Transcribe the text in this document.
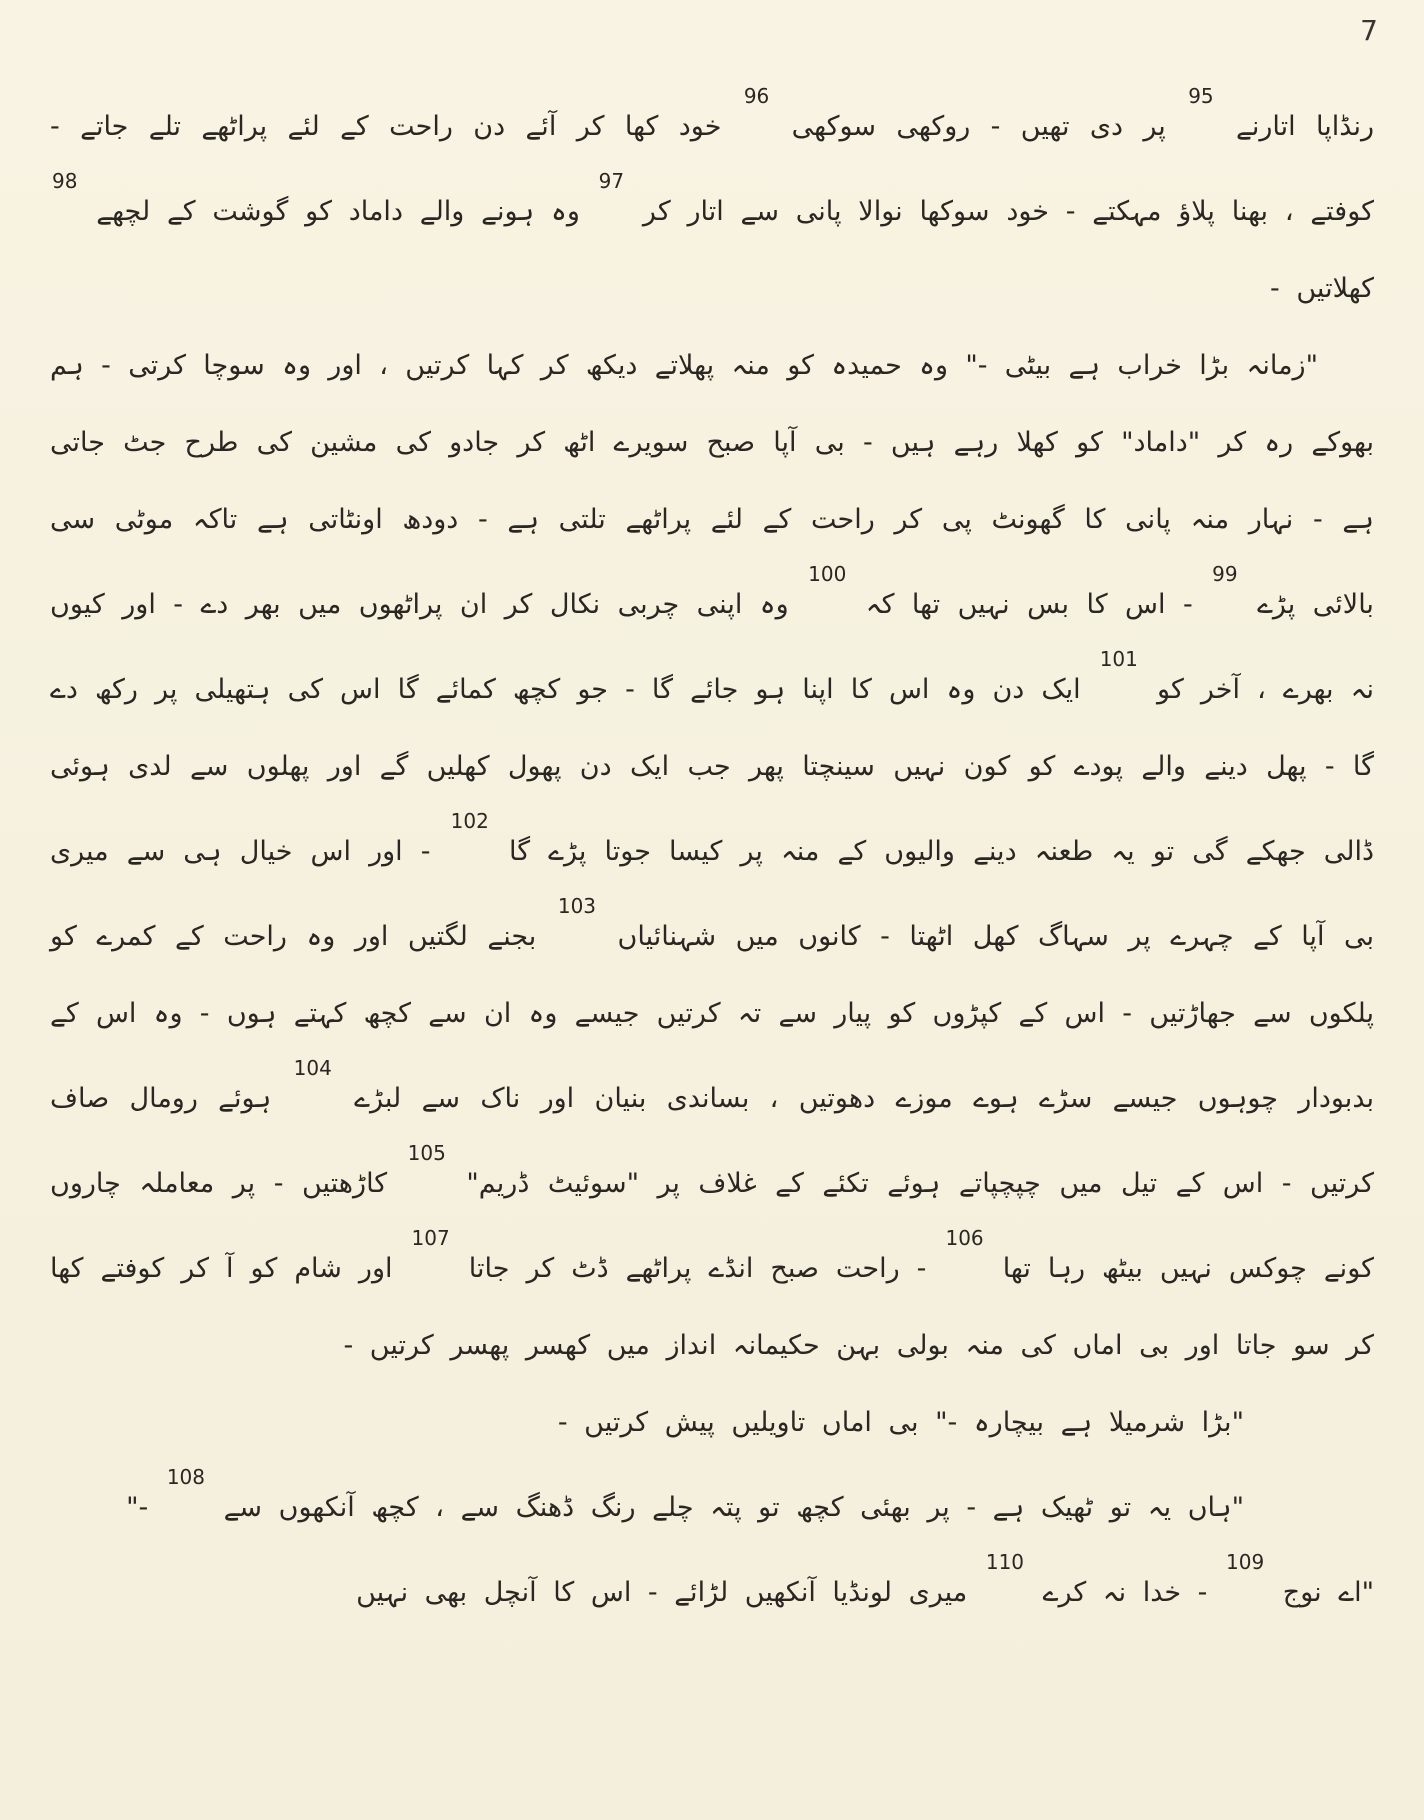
7

رنڈاپا اتارنے $^{95}$ پر دی تھیں - روکھی سوکھی $^{96}$ خود کھا کر آئے دن راحت کے لئے پراٹھے تلے جاتے - کوفتے ، بھنا پلاؤ مہکتے - خود سوکھا نوالا پانی سے اتار کر $^{97}$ وہ ہونے والے داماد کو گوشت کے لچھے $^{98}$ کھلاتیں -

"زمانہ بڑا خراب ہے بیٹی -" وہ حمیدہ کو منہ پھلاتے دیکھ کر کہا کرتیں ، اور وہ سوچا کرتی - ہم بھوکے رہ کر "داماد" کو کھلا رہے ہیں - بی آپا صبح سویرے اٹھ کر جادو کی مشین کی طرح جٹ جاتی ہے - نہار منہ پانی کا گھونٹ پی کر راحت کے لئے پراٹھے تلتی ہے - دودھ اونٹاتی ہے تاکہ موٹی سی بالائی پڑے $^{99}$ - اس کا بس نہیں تھا کہ $^{100}$ وہ اپنی چربی نکال کر ان پراٹھوں میں بھر دے - اور کیوں نہ بھرے ، آخر کو $^{101}$ ایک دن وہ اس کا اپنا ہو جائے گا - جو کچھ کمائے گا اس کی ہتھیلی پر رکھ دے گا - پھل دینے والے پودے کو کون نہیں سینچتا پھر جب ایک دن پھول کھلیں گے اور پھلوں سے لدی ہوئی ڈالی جھکے گی تو یہ طعنہ دینے والیوں کے منہ پر کیسا جوتا پڑے گا $^{102}$ - اور اس خیال ہی سے میری بی آپا کے چہرے پر سہاگ کھل اٹھتا - کانوں میں شہنائیاں $^{103}$ بجنے لگتیں اور وہ راحت کے کمرے کو پلکوں سے جھاڑتیں - اس کے کپڑوں کو پیار سے تہ کرتیں جیسے وہ ان سے کچھ کہتے ہوں - وہ اس کے بدبودار چوہوں جیسے سڑے ہوے موزے دھوتیں ، بساندی بنیان اور ناک سے لبڑے $^{104}$ ہوئے رومال صاف کرتیں - اس کے تیل میں چپچپاتے ہوئے تکئے کے غلاف پر "سوئیٹ ڈریم" $^{105}$ کاڑھتیں - پر معاملہ چاروں کونے چوکس نہیں بیٹھ رہا تھا $^{106}$ - راحت صبح انڈے پراٹھے ڈٹ کر جاتا $^{107}$ اور شام کو آ کر کوفتے کھا کر سو جاتا اور بی اماں کی منہ بولی بہن حکیمانہ انداز میں کھسر پھسر کرتیں -

"بڑا شرمیلا ہے بیچارہ -" بی اماں تاویلیں پیش کرتیں -

"ہاں یہ تو ٹھیک ہے - پر بھئی کچھ تو پتہ چلے رنگ ڈھنگ سے ، کچھ آنکھوں سے $^{108}$ -"

"اے نوج $^{109}$ - خدا نہ کرے $^{110}$ میری لونڈیا آنکھیں لڑائے - اس کا آنچل بھی نہیں
